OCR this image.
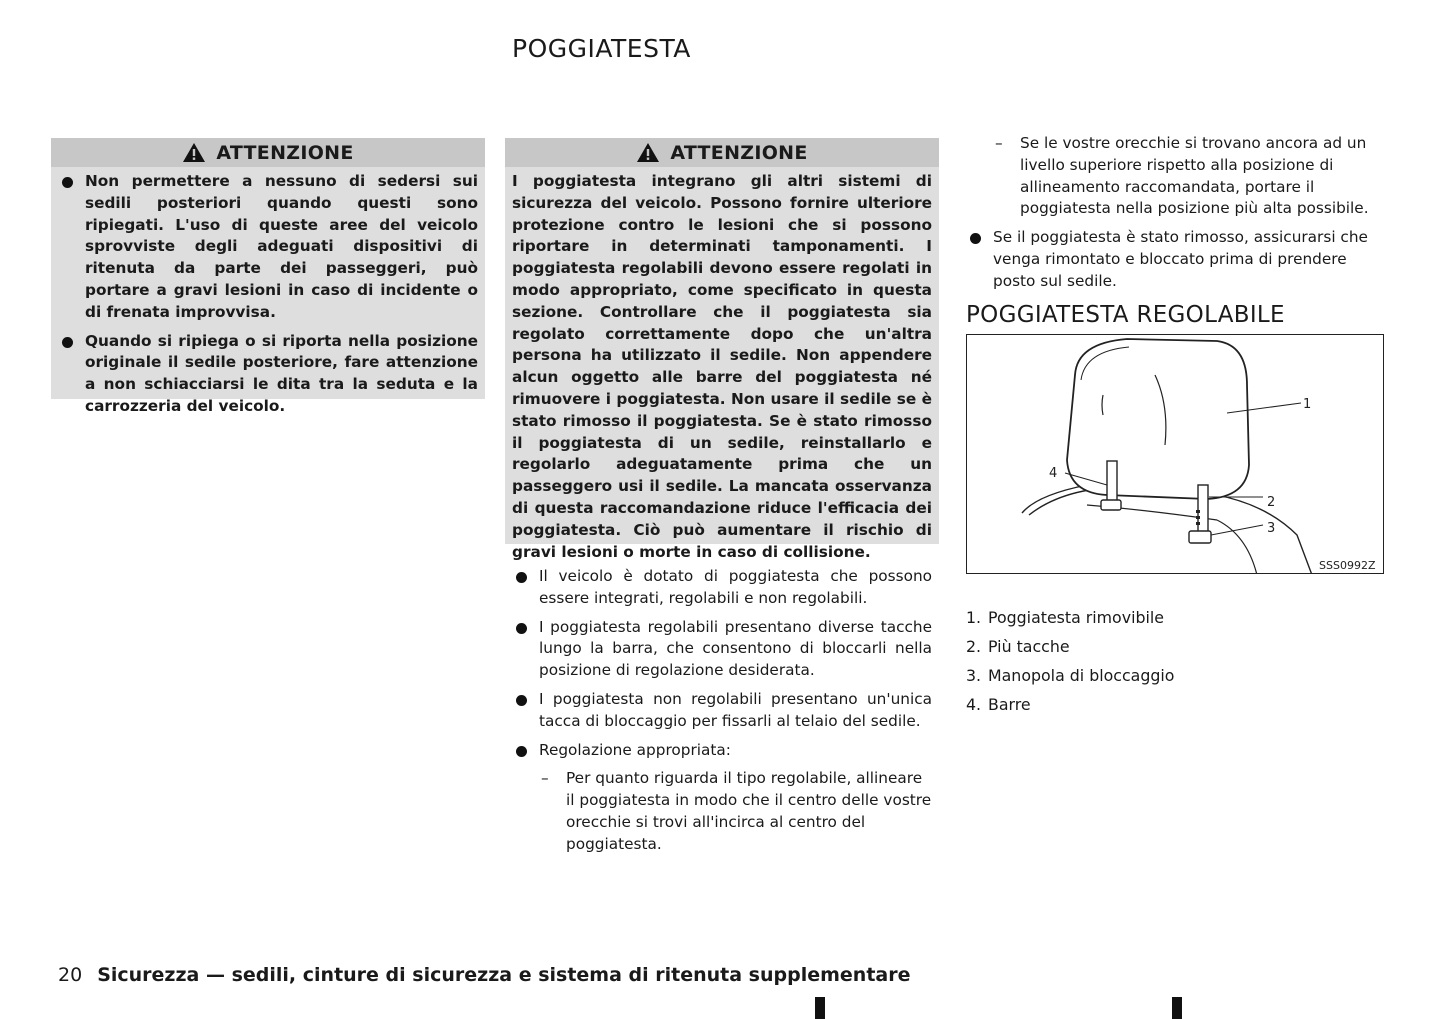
POGGIATESTA
ATTENZIONE
Non permettere a nessuno di sedersi sui sedili posteriori quando questi sono ripiegati. L'uso di queste aree del veicolo sprovviste degli adeguati dispositivi di ritenuta da parte dei passeggeri, può portare a gravi lesioni in caso di incidente o di frenata improvvisa.
Quando si ripiega o si riporta nella posizione originale il sedile posteriore, fare attenzione a non schiacciarsi le dita tra la seduta e la carrozzeria del veicolo.
ATTENZIONE
I poggiatesta integrano gli altri sistemi di sicurezza del veicolo. Possono fornire ulteriore protezione contro le lesioni che si possono riportare in determinati tamponamenti. I poggiatesta regolabili devono essere regolati in modo appropriato, come specificato in questa sezione. Controllare che il poggiatesta sia regolato correttamente dopo che un'altra persona ha utilizzato il sedile. Non appendere alcun oggetto alle barre del poggiatesta né rimuovere i poggiatesta. Non usare il sedile se è stato rimosso il poggiatesta. Se è stato rimosso il poggiatesta di un sedile, reinstallarlo e regolarlo adeguatamente prima che un passeggero usi il sedile. La mancata osservanza di questa raccomandazione riduce l'efficacia dei poggiatesta. Ciò può aumentare il rischio di gravi lesioni o morte in caso di collisione.
Il veicolo è dotato di poggiatesta che possono essere integrati, regolabili e non regolabili.
I poggiatesta regolabili presentano diverse tacche lungo la barra, che consentono di bloccarli nella posizione di regolazione desiderata.
I poggiatesta non regolabili presentano un'unica tacca di bloccaggio per fissarli al telaio del sedile.
Regolazione appropriata:
– Per quanto riguarda il tipo regolabile, allineare il poggiatesta in modo che il centro delle vostre orecchie si trovi all'incirca al centro del poggiatesta.
– Se le vostre orecchie si trovano ancora ad un livello superiore rispetto alla posizione di allineamento raccomandata, portare il poggiatesta nella posizione più alta possibile.
Se il poggiatesta è stato rimosso, assicurarsi che venga rimontato e bloccato prima di prendere posto sul sedile.
POGGIATESTA REGOLABILE
1
2
3
4
SSS0992Z
1. Poggiatesta rimovibile
2. Più tacche
3. Manopola di bloccaggio
4. Barre
20 Sicurezza — sedili, cinture di sicurezza e sistema di ritenuta supplementare
